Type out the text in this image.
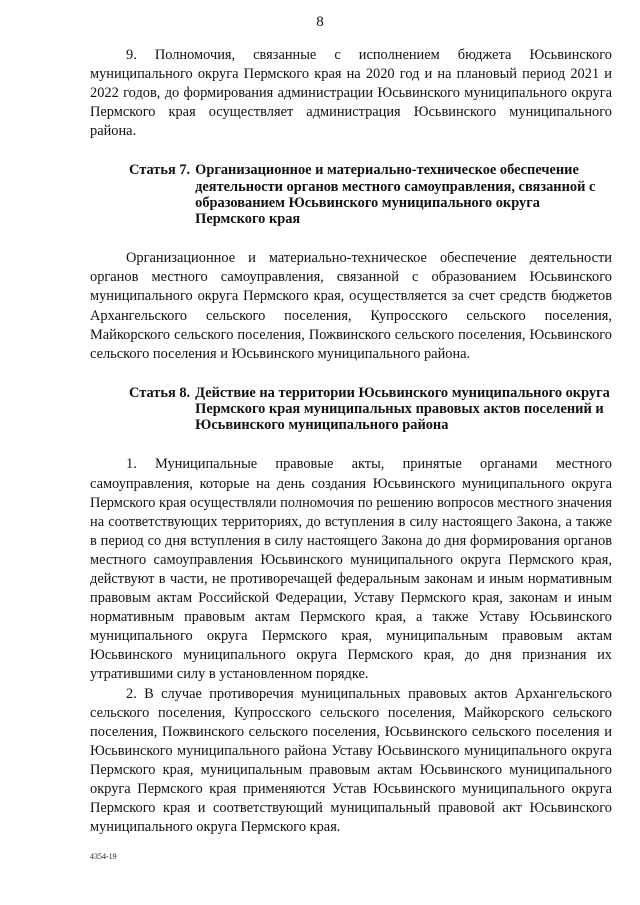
8

9. Полномочия, связанные с исполнением бюджета Юсьвинского муниципального округа Пермского края на 2020 год и на плановый период 2021 и 2022 годов, до формирования администрации Юсьвинского муниципального округа Пермского края осуществляет администрация Юсьвинского муниципального района.

Статья 7. Организационное и материально-техническое обеспечение деятельности органов местного самоуправления, связанной с образованием Юсьвинского муниципального округа Пермского края

Организационное и материально-техническое обеспечение деятельности органов местного самоуправления, связанной с образованием Юсьвинского муниципального округа Пермского края, осуществляется за счет средств бюджетов Архангельского сельского поселения, Купросского сельского поселения, Майкорского сельского поселения, Пожвинского сельского поселения, Юсьвинского сельского поселения и Юсьвинского муниципального района.

Статья 8. Действие на территории Юсьвинского муниципального округа Пермского края муниципальных правовых актов поселений и Юсьвинского муниципального района

1. Муниципальные правовые акты, принятые органами местного самоуправления, которые на день создания Юсьвинского муниципального округа Пермского края осуществляли полномочия по решению вопросов местного значения на соответствующих территориях, до вступления в силу настоящего Закона, а также в период со дня вступления в силу настоящего Закона до дня формирования органов местного самоуправления Юсьвинского муниципального округа Пермского края, действуют в части, не противоречащей федеральным законам и иным нормативным правовым актам Российской Федерации, Уставу Пермского края, законам и иным нормативным правовым актам Пермского края, а также Уставу Юсьвинского муниципального округа Пермского края, муниципальным правовым актам Юсьвинского муниципального округа Пермского края, до дня признания их утратившими силу в установленном порядке.

2. В случае противоречия муниципальных правовых актов Архангельского сельского поселения, Купросского сельского поселения, Майкорского сельского поселения, Пожвинского сельского поселения, Юсьвинского сельского поселения и Юсьвинского муниципального района Уставу Юсьвинского муниципального округа Пермского края, муниципальным правовым актам Юсьвинского муниципального округа Пермского края применяются Устав Юсьвинского муниципального округа Пермского края и соответствующий муниципальный правовой акт Юсьвинского муниципального округа Пермского края.

4354-19
